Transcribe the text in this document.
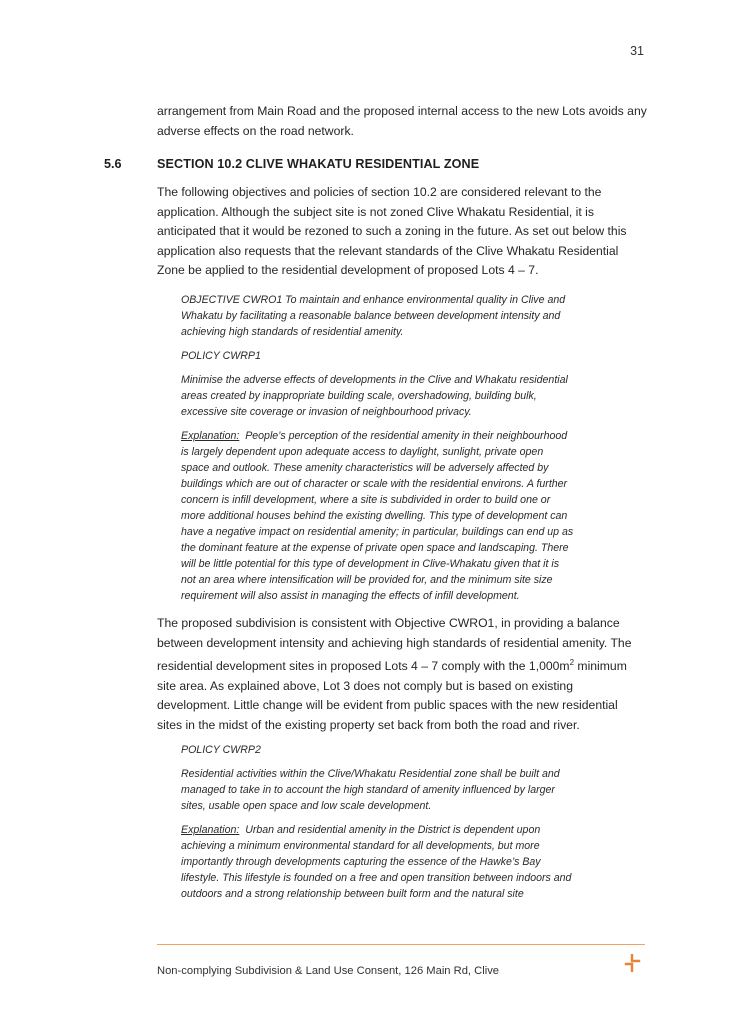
31
arrangement from Main Road and the proposed internal access to the new Lots avoids any
adverse effects on the road network.
5.6	SECTION 10.2 CLIVE WHAKATU RESIDENTIAL ZONE
The following objectives and policies of section 10.2 are considered relevant to the
application. Although the subject site is not zoned Clive Whakatu Residential, it is
anticipated that it would be rezoned to such a zoning in the future. As set out below this
application also requests that the relevant standards of the Clive Whakatu Residential
Zone be applied to the residential development of proposed Lots 4 – 7.
OBJECTIVE CWRO1 To maintain and enhance environmental quality in Clive and
Whakatu by facilitating a reasonable balance between development intensity and
achieving high standards of residential amenity.
POLICY CWRP1
Minimise the adverse effects of developments in the Clive and Whakatu residential
areas created by inappropriate building scale, overshadowing, building bulk,
excessive site coverage or invasion of neighbourhood privacy.
Explanation:  People’s perception of the residential amenity in their neighbourhood
is largely dependent upon adequate access to daylight, sunlight, private open
space and outlook. These amenity characteristics will be adversely affected by
buildings which are out of character or scale with the residential environs. A further
concern is infill development, where a site is subdivided in order to build one or
more additional houses behind the existing dwelling. This type of development can
have a negative impact on residential amenity; in particular, buildings can end up as
the dominant feature at the expense of private open space and landscaping. There
will be little potential for this type of development in Clive-Whakatu given that it is
not an area where intensification will be provided for, and the minimum site size
requirement will also assist in managing the effects of infill development.
The proposed subdivision is consistent with Objective CWRO1, in providing a balance
between development intensity and achieving high standards of residential amenity. The
residential development sites in proposed Lots 4 – 7 comply with the $1,000m^2$ minimum
site area. As explained above, Lot 3 does not comply but is based on existing
development. Little change will be evident from public spaces with the new residential
sites in the midst of the existing property set back from both the road and river.
POLICY CWRP2
Residential activities within the Clive/Whakatu Residential zone shall be built and
managed to take in to account the high standard of amenity influenced by larger
sites, usable open space and low scale development.
Explanation:  Urban and residential amenity in the District is dependent upon
achieving a minimum environmental standard for all developments, but more
importantly through developments capturing the essence of the Hawke’s Bay
lifestyle. This lifestyle is founded on a free and open transition between indoors and
outdoors and a strong relationship between built form and the natural site
Non-complying Subdivision & Land Use Consent, 126 Main Rd, Clive
